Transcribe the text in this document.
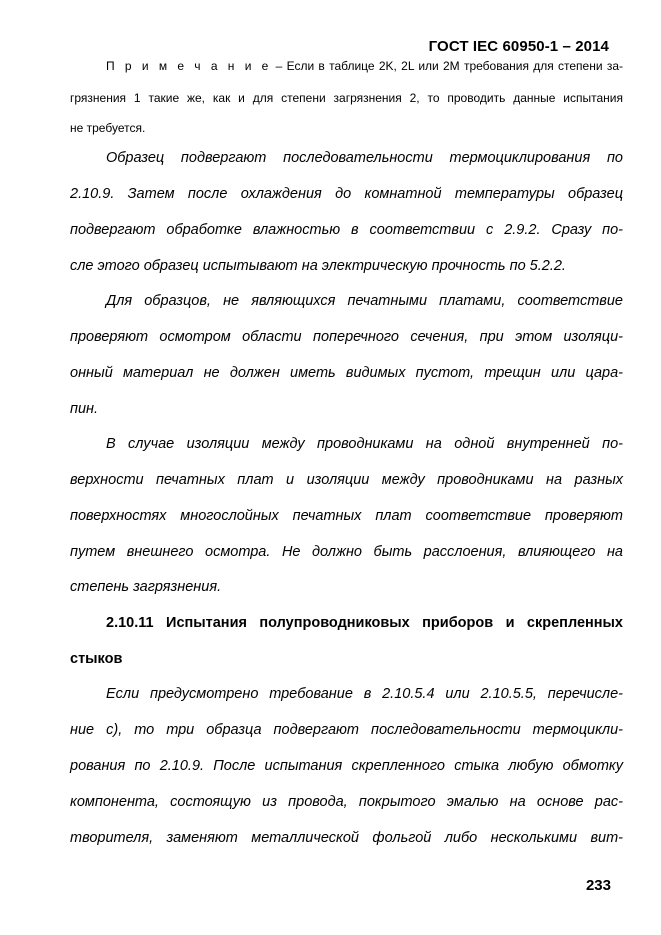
ГОСТ IEC 60950-1 – 2014
П р и м е ч а н и е – Если в таблице 2K, 2L или 2M требования для степени за-
грязнения 1 такие же, как и для степени загрязнения 2, то проводить данные испытания
не требуется.
Образец подвергают последовательности термоциклирования по
2.10.9. Затем после охлаждения до комнатной температуры образец
подвергают обработке влажностью в соответствии с 2.9.2. Сразу по-
сле этого образец испытывают на электрическую прочность по 5.2.2.
Для образцов, не являющихся печатными платами, соответствие
проверяют осмотром области поперечного сечения, при этом изоляци-
онный материал не должен иметь видимых пустот, трещин или цара-
пин.
В случае изоляции между проводниками на одной внутренней по-
верхности печатных плат и изоляции между проводниками на разных
поверхностях многослойных печатных плат соответствие проверяют
путем внешнего осмотра. Не должно быть расслоения, влияющего на
степень загрязнения.
2.10.11 Испытания полупроводниковых приборов и скрепленных
стыков
Если предусмотрено требование в 2.10.5.4 или 2.10.5.5, перечисле-
ние c), то три образца подвергают последовательности термоцикли-
рования по 2.10.9. После испытания скрепленного стыка любую обмотку
компонента, состоящую из провода, покрытого эмалью на основе рас-
творителя, заменяют металлической фольгой либо несколькими вит-
233
